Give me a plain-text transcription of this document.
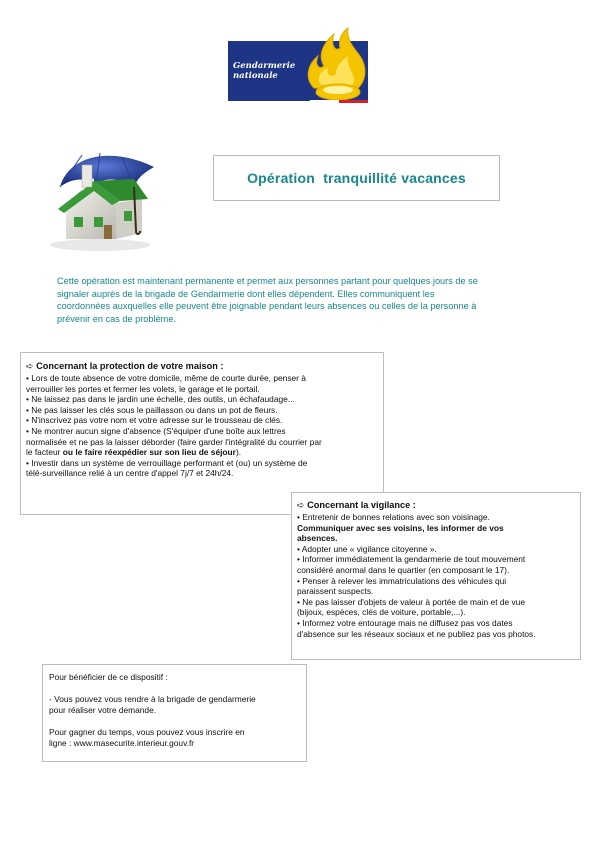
Gendarmerie
nationale
Opération  tranquillité vacances
Cette opération est maintenant permanente et permet aux personnes partant pour quelques jours de se
signaler auprès de la brigade de Gendarmerie dont elles dépendent. Elles communiquent les
coordonnées auxquelles elle peuvent être joignable pendant leurs absences ou celles de la personne à
prévenir en cas de problème.
➪ Concernant la protection de votre maison :
• Lors de toute absence de votre domicile, même de courte durée, penser à
verrouiller les portes et fermer les volets, le garage et le portail.
• Ne laissez pas dans le jardin une échelle, des outils, un échafaudage...
• Ne pas laisser les clés sous le paillasson ou dans un pot de fleurs.
• N'inscrivez pas votre nom et votre adresse sur le trousseau de clés.
• Ne montrer aucun signe d'absence (S'équiper d'une boîte aux lettres
normalisée et ne pas la laisser déborder (faire garder l'intégralité du courrier par
le facteur ou le faire réexpédier sur son lieu de séjour).
• Investir dans un système de verrouillage performant et (ou) un système de
télé-surveillance relié à un centre d'appel 7j/7 et 24h/24.
➪ Concernant la vigilance :
• Entretenir de bonnes relations avec son voisinage.
Communiquer avec ses voisins, les informer de vos
absences.
• Adopter une « vigilance citoyenne ».
• Informer immédiatement la gendarmerie de tout mouvement
considéré anormal dans le quartier (en composant le 17).
• Penser à relever les immatriculations des véhicules qui
paraissent suspects.
• Ne pas laisser d'objets de valeur à portée de main et de vue
(bijoux, espèces, clés de voiture, portable,...).
• Informez votre entourage mais ne diffusez pas vos dates
d'absence sur les réseaux sociaux et ne publiez pas vos photos.
Pour bénéficier de ce dispositif :
- Vous pouvez vous rendre à la brigade de gendarmerie
pour réaliser votre demande.
Pour gagner du temps, vous pouvez vous inscrire en
ligne : www.masecurite.interieur.gouv.fr
